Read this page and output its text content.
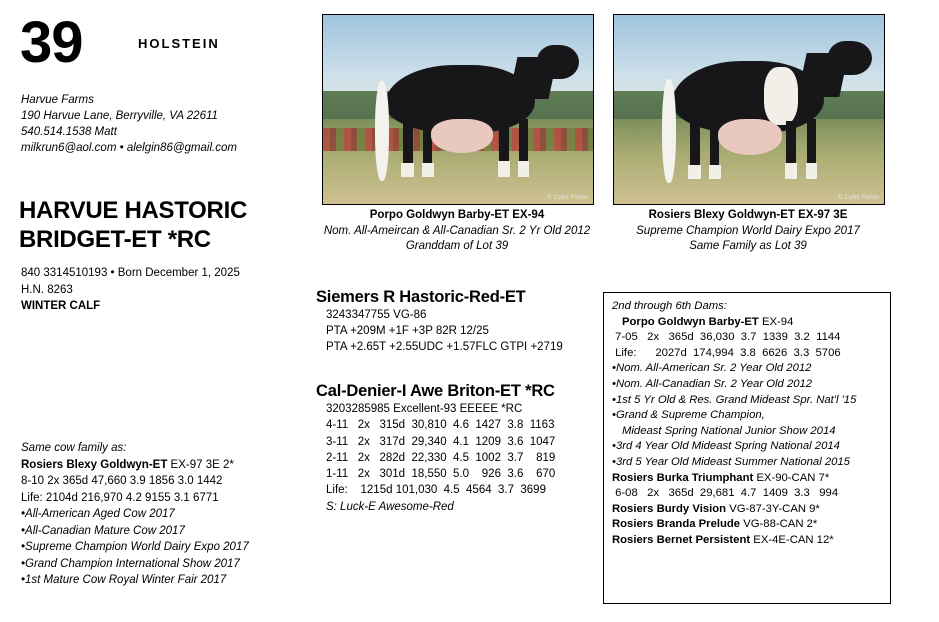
39	HOLSTEIN
Harvue Farms
190 Harvue Lane, Berryville, VA 22611
540.514.1538 Matt
milkrun6@aol.com • alelgin86@gmail.com
HARVUE HASTORIC
BRIDGET-ET *RC
840 3314510193 • Born December 1, 2025
H.N. 8263
WINTER CALF
Same cow family as:
Rosiers Blexy Goldwyn-ET EX-97 3E 2*
8-10 2x 365d 47,660 3.9 1856 3.0 1442
Life: 2104d 216,970 4.2 9155 3.1 6771
•All-American Aged Cow 2017
•All-Canadian Mature Cow 2017
•Supreme Champion World Dairy Expo 2017
•Grand Champion International Show 2017
•1st Mature Cow Royal Winter Fair 2017
© Cybil Fisher
Porpo Goldwyn Barby-ET EX-94
Nom. All-Ameircan & All-Canadian Sr. 2 Yr Old 2012
Granddam of Lot 39
© Cybil Fisher
Rosiers Blexy Goldwyn-ET EX-97 3E
Supreme Champion World Dairy Expo 2017
Same Family as Lot 39
Siemers R Hastoric-Red-ET
3243347755 VG-86
PTA +209M +1F +3P 82R 12/25
PTA +2.65T +2.55UDC +1.57FLC GTPI +2719
Cal-Denier-I Awe Briton-ET *RC
3203285985 Excellent-93 EEEEE *RC
4-11   2x   315d  30,810  4.6  1427  3.8  1163
3-11   2x   317d  29,340  4.1  1209  3.6  1047
2-11   2x   282d  22,330  4.5  1002  3.7    819
1-11   2x   301d  18,550  5.0    926  3.6    670
Life:    1215d 101,030  4.5  4564  3.7  3699
S: Luck-E Awesome-Red
2nd through 6th Dams:
Porpo Goldwyn Barby-ET EX-94
7-05   2x   365d  36,030  3.7  1339  3.2  1144
Life:      2027d  174,994  3.8  6626  3.3  5706
•Nom. All-American Sr. 2 Year Old 2012
•Nom. All-Canadian Sr. 2 Year Old 2012
•1st 5 Yr Old & Res. Grand Mideast Spr. Nat'l '15
•Grand & Supreme Champion,
Mideast Spring National Junior Show 2014
•3rd 4 Year Old Mideast Spring National 2014
•3rd 5 Year Old Mideast Summer National 2015
Rosiers Burka Triumphant EX-90-CAN 7*
6-08   2x   365d  29,681  4.7  1409  3.3   994
Rosiers Burdy Vision VG-87-3Y-CAN 9*
Rosiers Branda Prelude VG-88-CAN 2*
Rosiers Bernet Persistent EX-4E-CAN 12*
